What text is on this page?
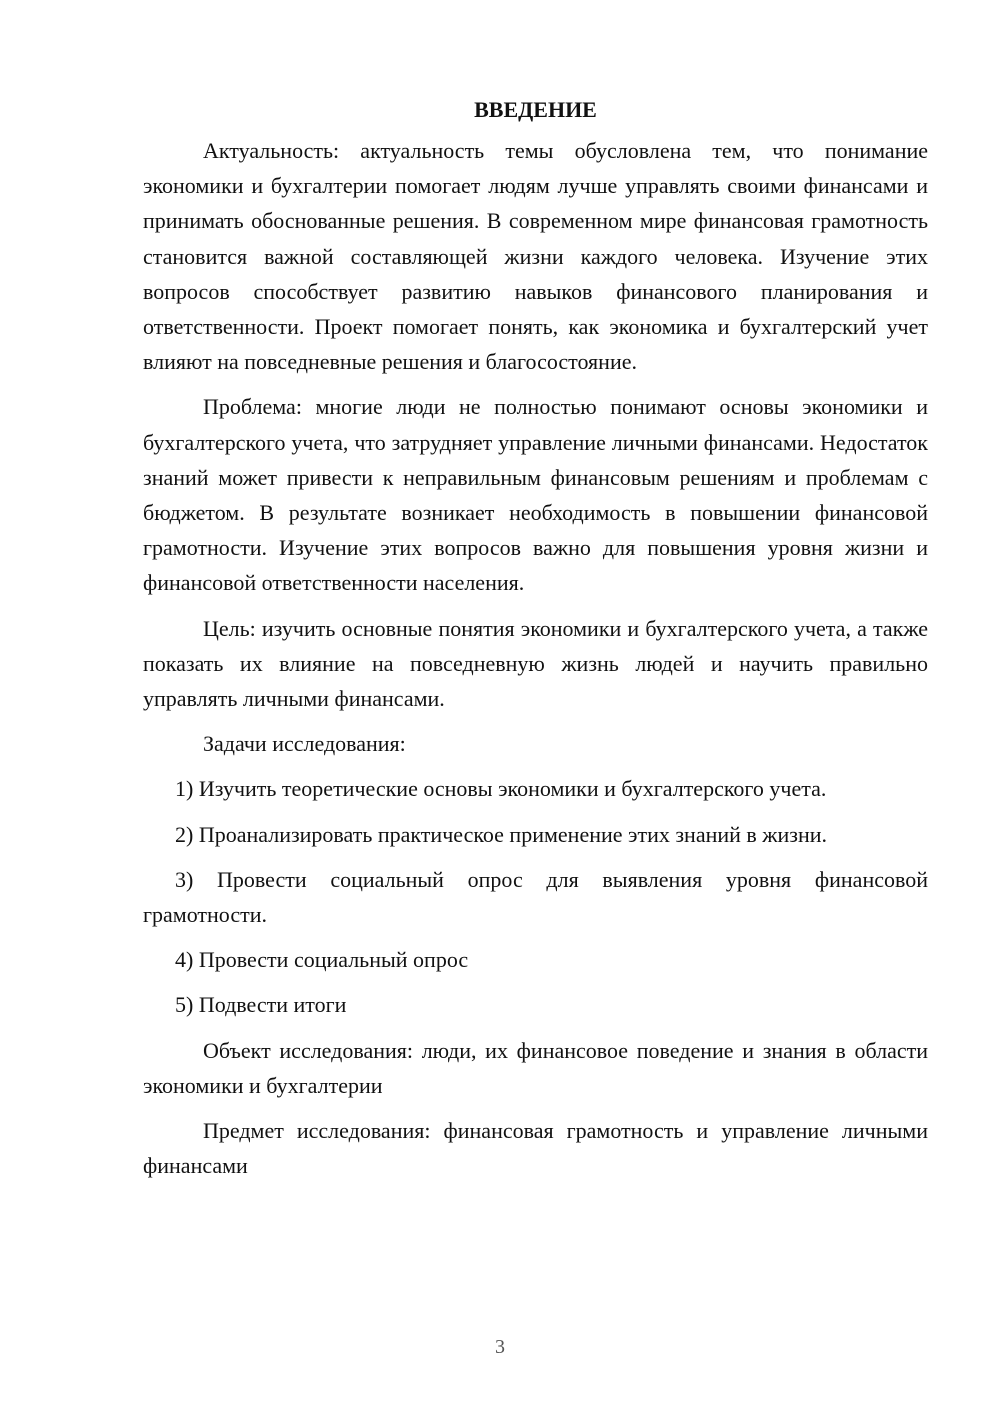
ВВЕДЕНИЕ

Актуальность: актуальность темы обусловлена тем, что понимание экономики и бухгалтерии помогает людям лучше управлять своими финансами и принимать обоснованные решения. В современном мире финансовая грамотность становится важной составляющей жизни каждого человека. Изучение этих вопросов способствует развитию навыков финансового планирования и ответственности. Проект помогает понять, как экономика и бухгалтерский учет влияют на повседневные решения и благосостояние.

Проблема: многие люди не полностью понимают основы экономики и бухгалтерского учета, что затрудняет управление личными финансами. Недостаток знаний может привести к неправильным финансовым решениям и проблемам с бюджетом. В результате возникает необходимость в повышении финансовой грамотности. Изучение этих вопросов важно для повышения уровня жизни и финансовой ответственности населения.

Цель: изучить основные понятия экономики и бухгалтерского учета, а также показать их влияние на повседневную жизнь людей и научить правильно управлять личными финансами.

Задачи исследования:

1) Изучить теоретические основы экономики и бухгалтерского учета.

2) Проанализировать практическое применение этих знаний в жизни.

3) Провести социальный опрос для выявления уровня финансовой грамотности.

4) Провести социальный опрос

5) Подвести итоги

Объект исследования: люди, их финансовое поведение и знания в области экономики и бухгалтерии

Предмет исследования: финансовая грамотность и управление личными финансами

3
